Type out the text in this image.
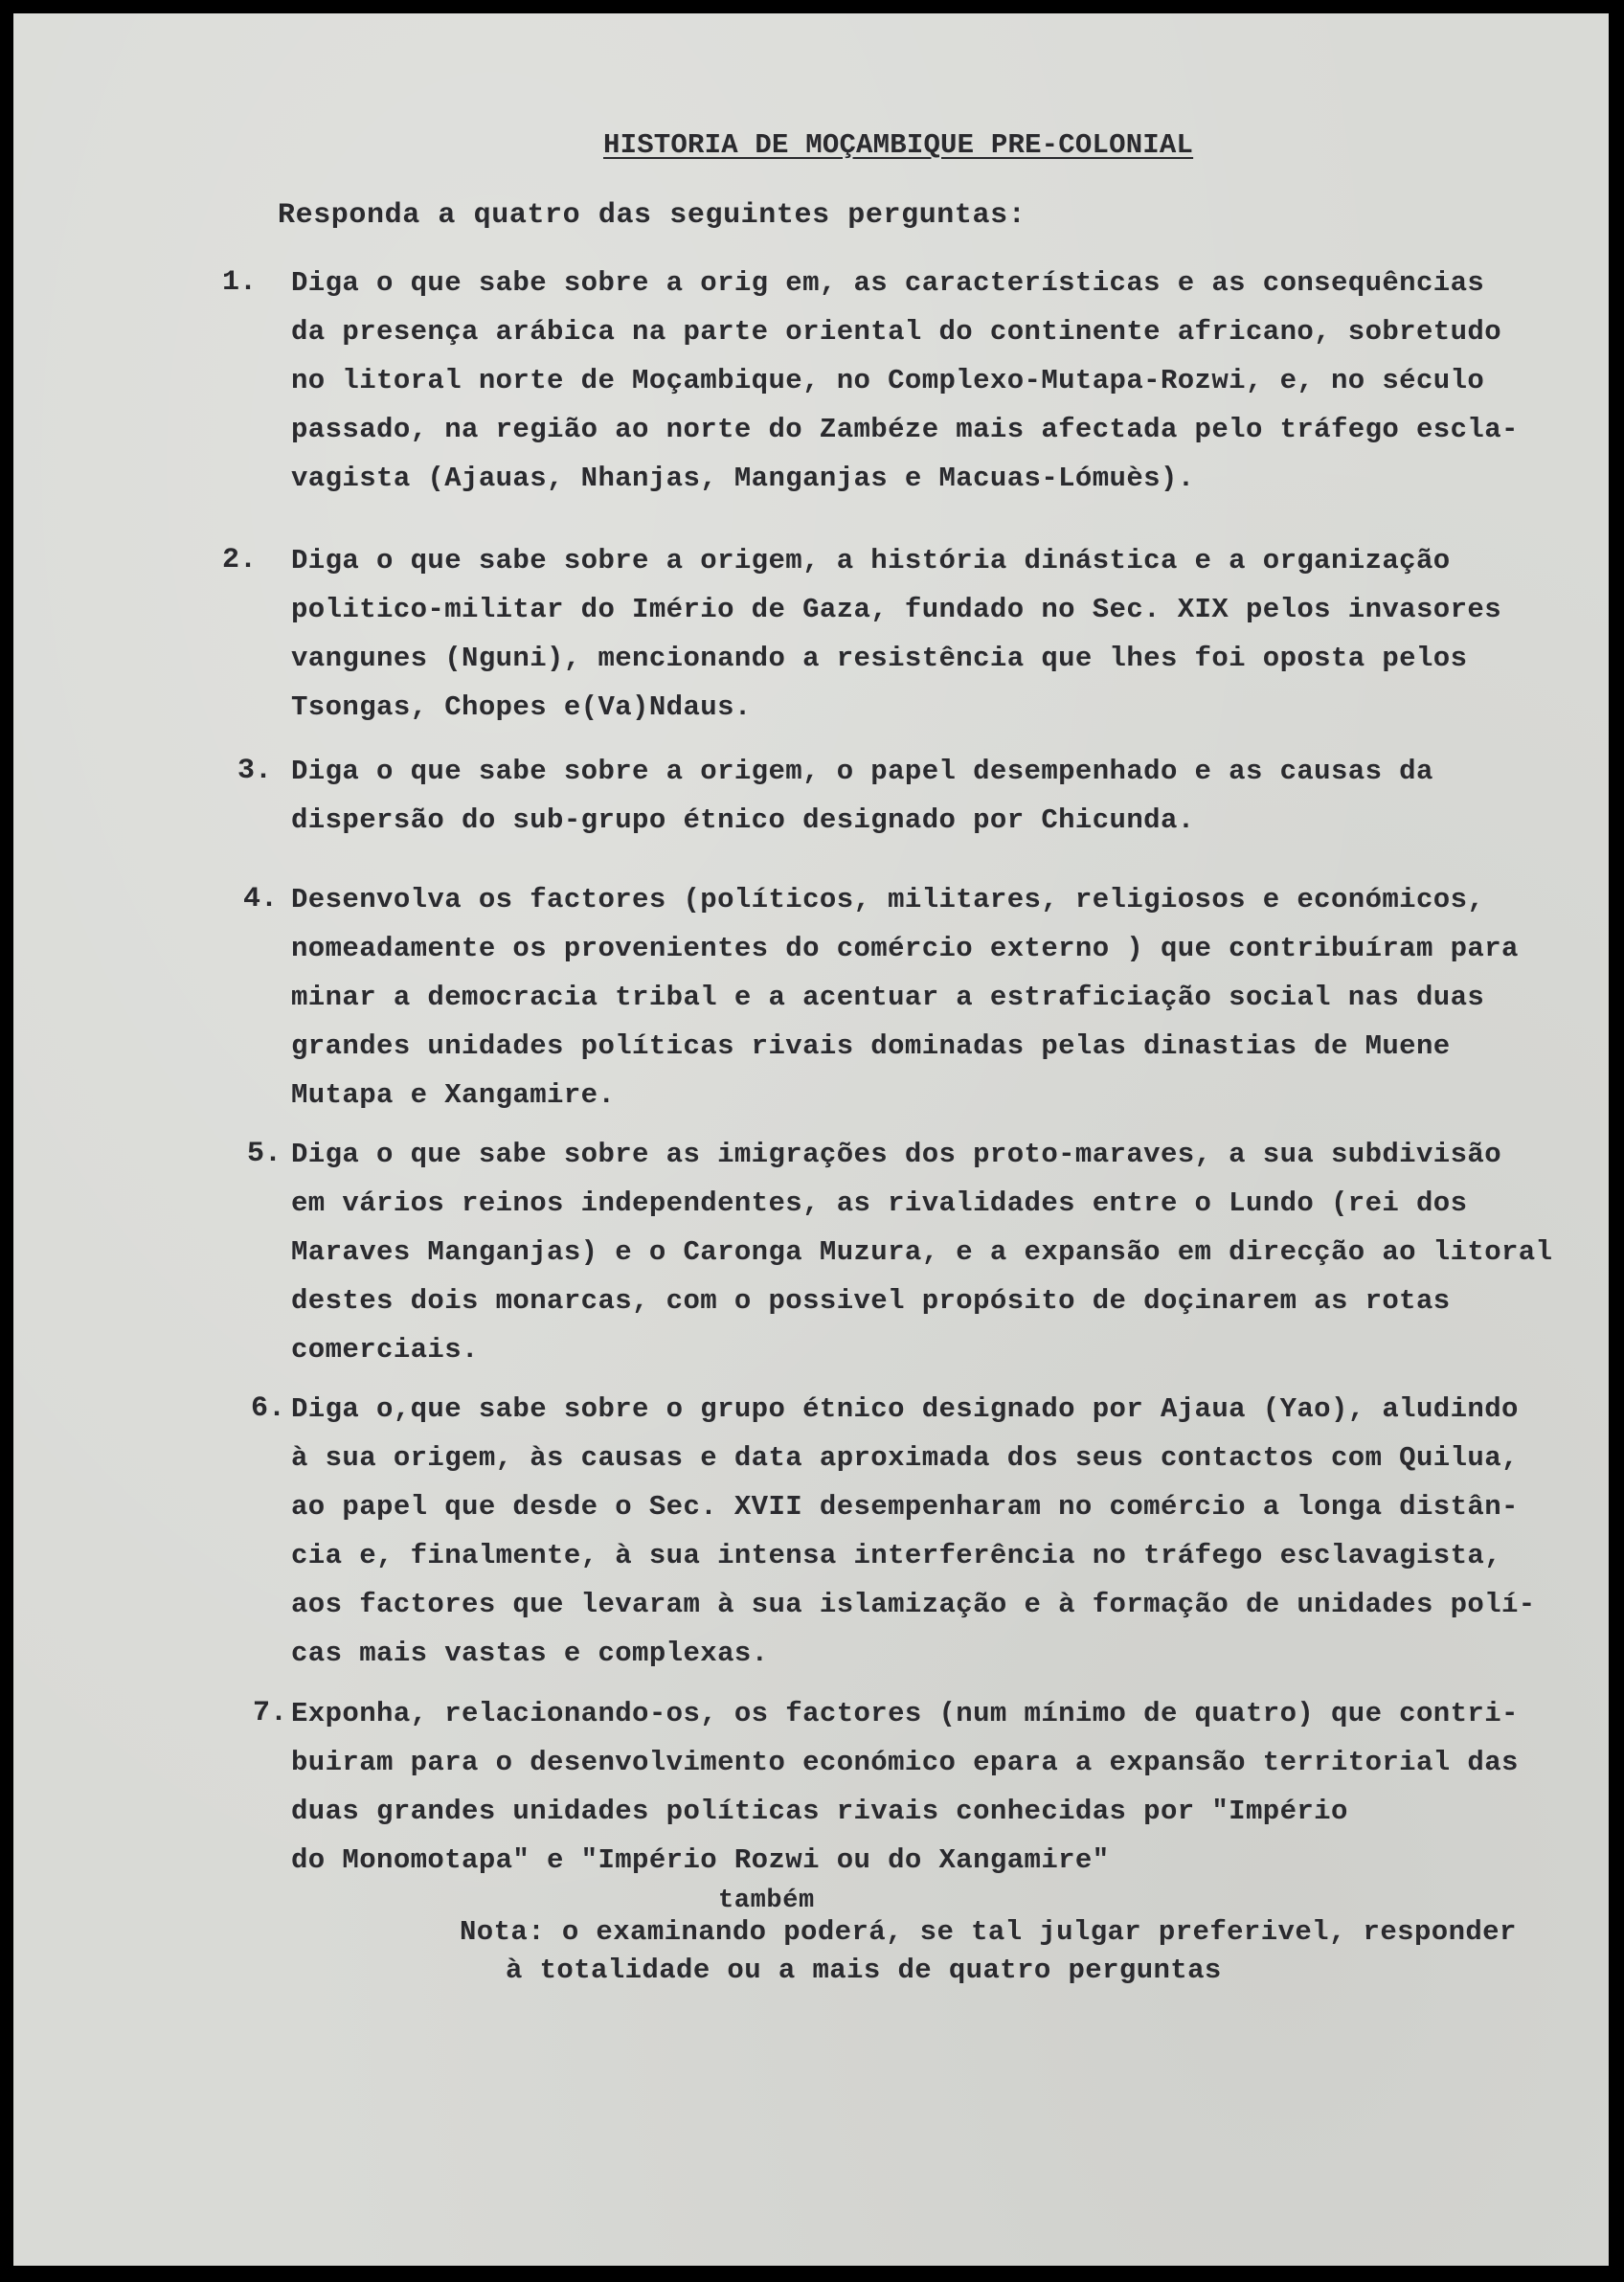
HISTORIA DE MOÇAMBIQUE PRE-COLONIAL
Responda a quatro das seguintes perguntas:
1. Diga o que sabe sobre a orig em, as características e as consequências
da presença arábica na parte oriental do continente africano, sobretudo
no litoral norte de Moçambique, no Complexo-Mutapa-Rozwi, e, no século
passado, na região ao norte do Zambéze mais afectada pelo tráfego escla-
vagista (Ajauas, Nhanjas, Manganjas e Macuas-Lómuès).
2. Diga o que sabe sobre a origem, a história dinástica e a organização
politico-militar do Imério de Gaza, fundado no Sec. XIX pelos invasores
vangunes (Nguni), mencionando a resistência que lhes foi oposta pelos
Tsongas, Chopes e(Va)Ndaus.
3. Diga o que sabe sobre a origem, o papel desempenhado e as causas da
dispersão do sub-grupo étnico designado por Chicunda.
4. Desenvolva os factores (políticos, militares, religiosos e económicos,
nomeadamente os provenientes do comércio externo ) que contribuíram para
minar a democracia tribal e a acentuar a estraficiação social nas duas
grandes unidades políticas rivais dominadas pelas dinastias de Muene
Mutapa e Xangamire.
5. Diga o que sabe sobre as imigrações dos proto-maraves, a sua subdivisão
em vários reinos independentes, as rivalidades entre o Lundo (rei dos
Maraves Manganjas) e o Caronga Muzura, e a expansão em direcção ao litoral
destes dois monarcas, com o possivel propósito de doçinarem as rotas
comerciais.
6. Diga o,que sabe sobre o grupo étnico designado por Ajaua (Yao), aludindo
à sua origem, às causas e data aproximada dos seus contactos com Quilua,
ao papel que desde o Sec. XVII desempenharam no comércio a longa distân-
cia e, finalmente, à sua intensa interferência no tráfego esclavagista,
aos factores que levaram à sua islamização e à formação de unidades polí-
cas mais vastas e complexas.
7. Exponha, relacionando-os, os factores (num mínimo de quatro) que contri-
buiram para o desenvolvimento económico epara a expansão territorial das
duas grandes unidades políticas rivais conhecidas por "Império
do Monomotapa" e "Império Rozwi ou do Xangamire"
também
Nota: o examinando poderá, se tal julgar preferivel, responder
à totalidade ou a mais de quatro perguntas
